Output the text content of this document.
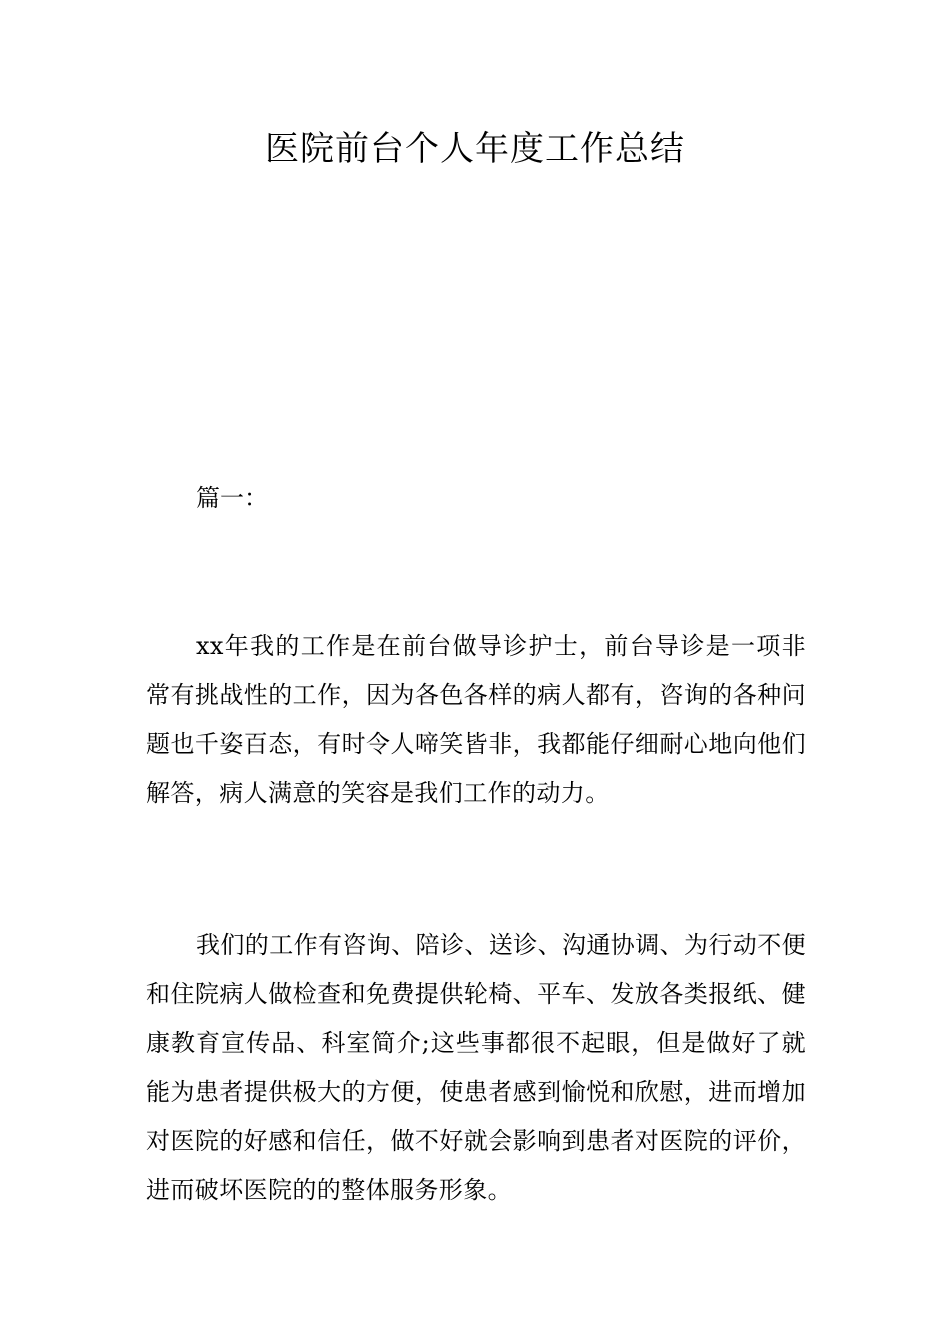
医院前台个人年度工作总结

篇一：

xx年我的工作是在前台做导诊护士，前台导诊是一项非常有挑战性的工作，因为各色各样的病人都有，咨询的各种问题也千姿百态，有时令人啼笑皆非，我都能仔细耐心地向他们解答，病人满意的笑容是我们工作的动力。

我们的工作有咨询、陪诊、送诊、沟通协调、为行动不便和住院病人做检查和免费提供轮椅、平车、发放各类报纸、健康教育宣传品、科室简介;这些事都很不起眼，但是做好了就能为患者提供极大的方便，使患者感到愉悦和欣慰，进而增加对医院的好感和信任，做不好就会影响到患者对医院的评价，进而破坏医院的的整体服务形象。
